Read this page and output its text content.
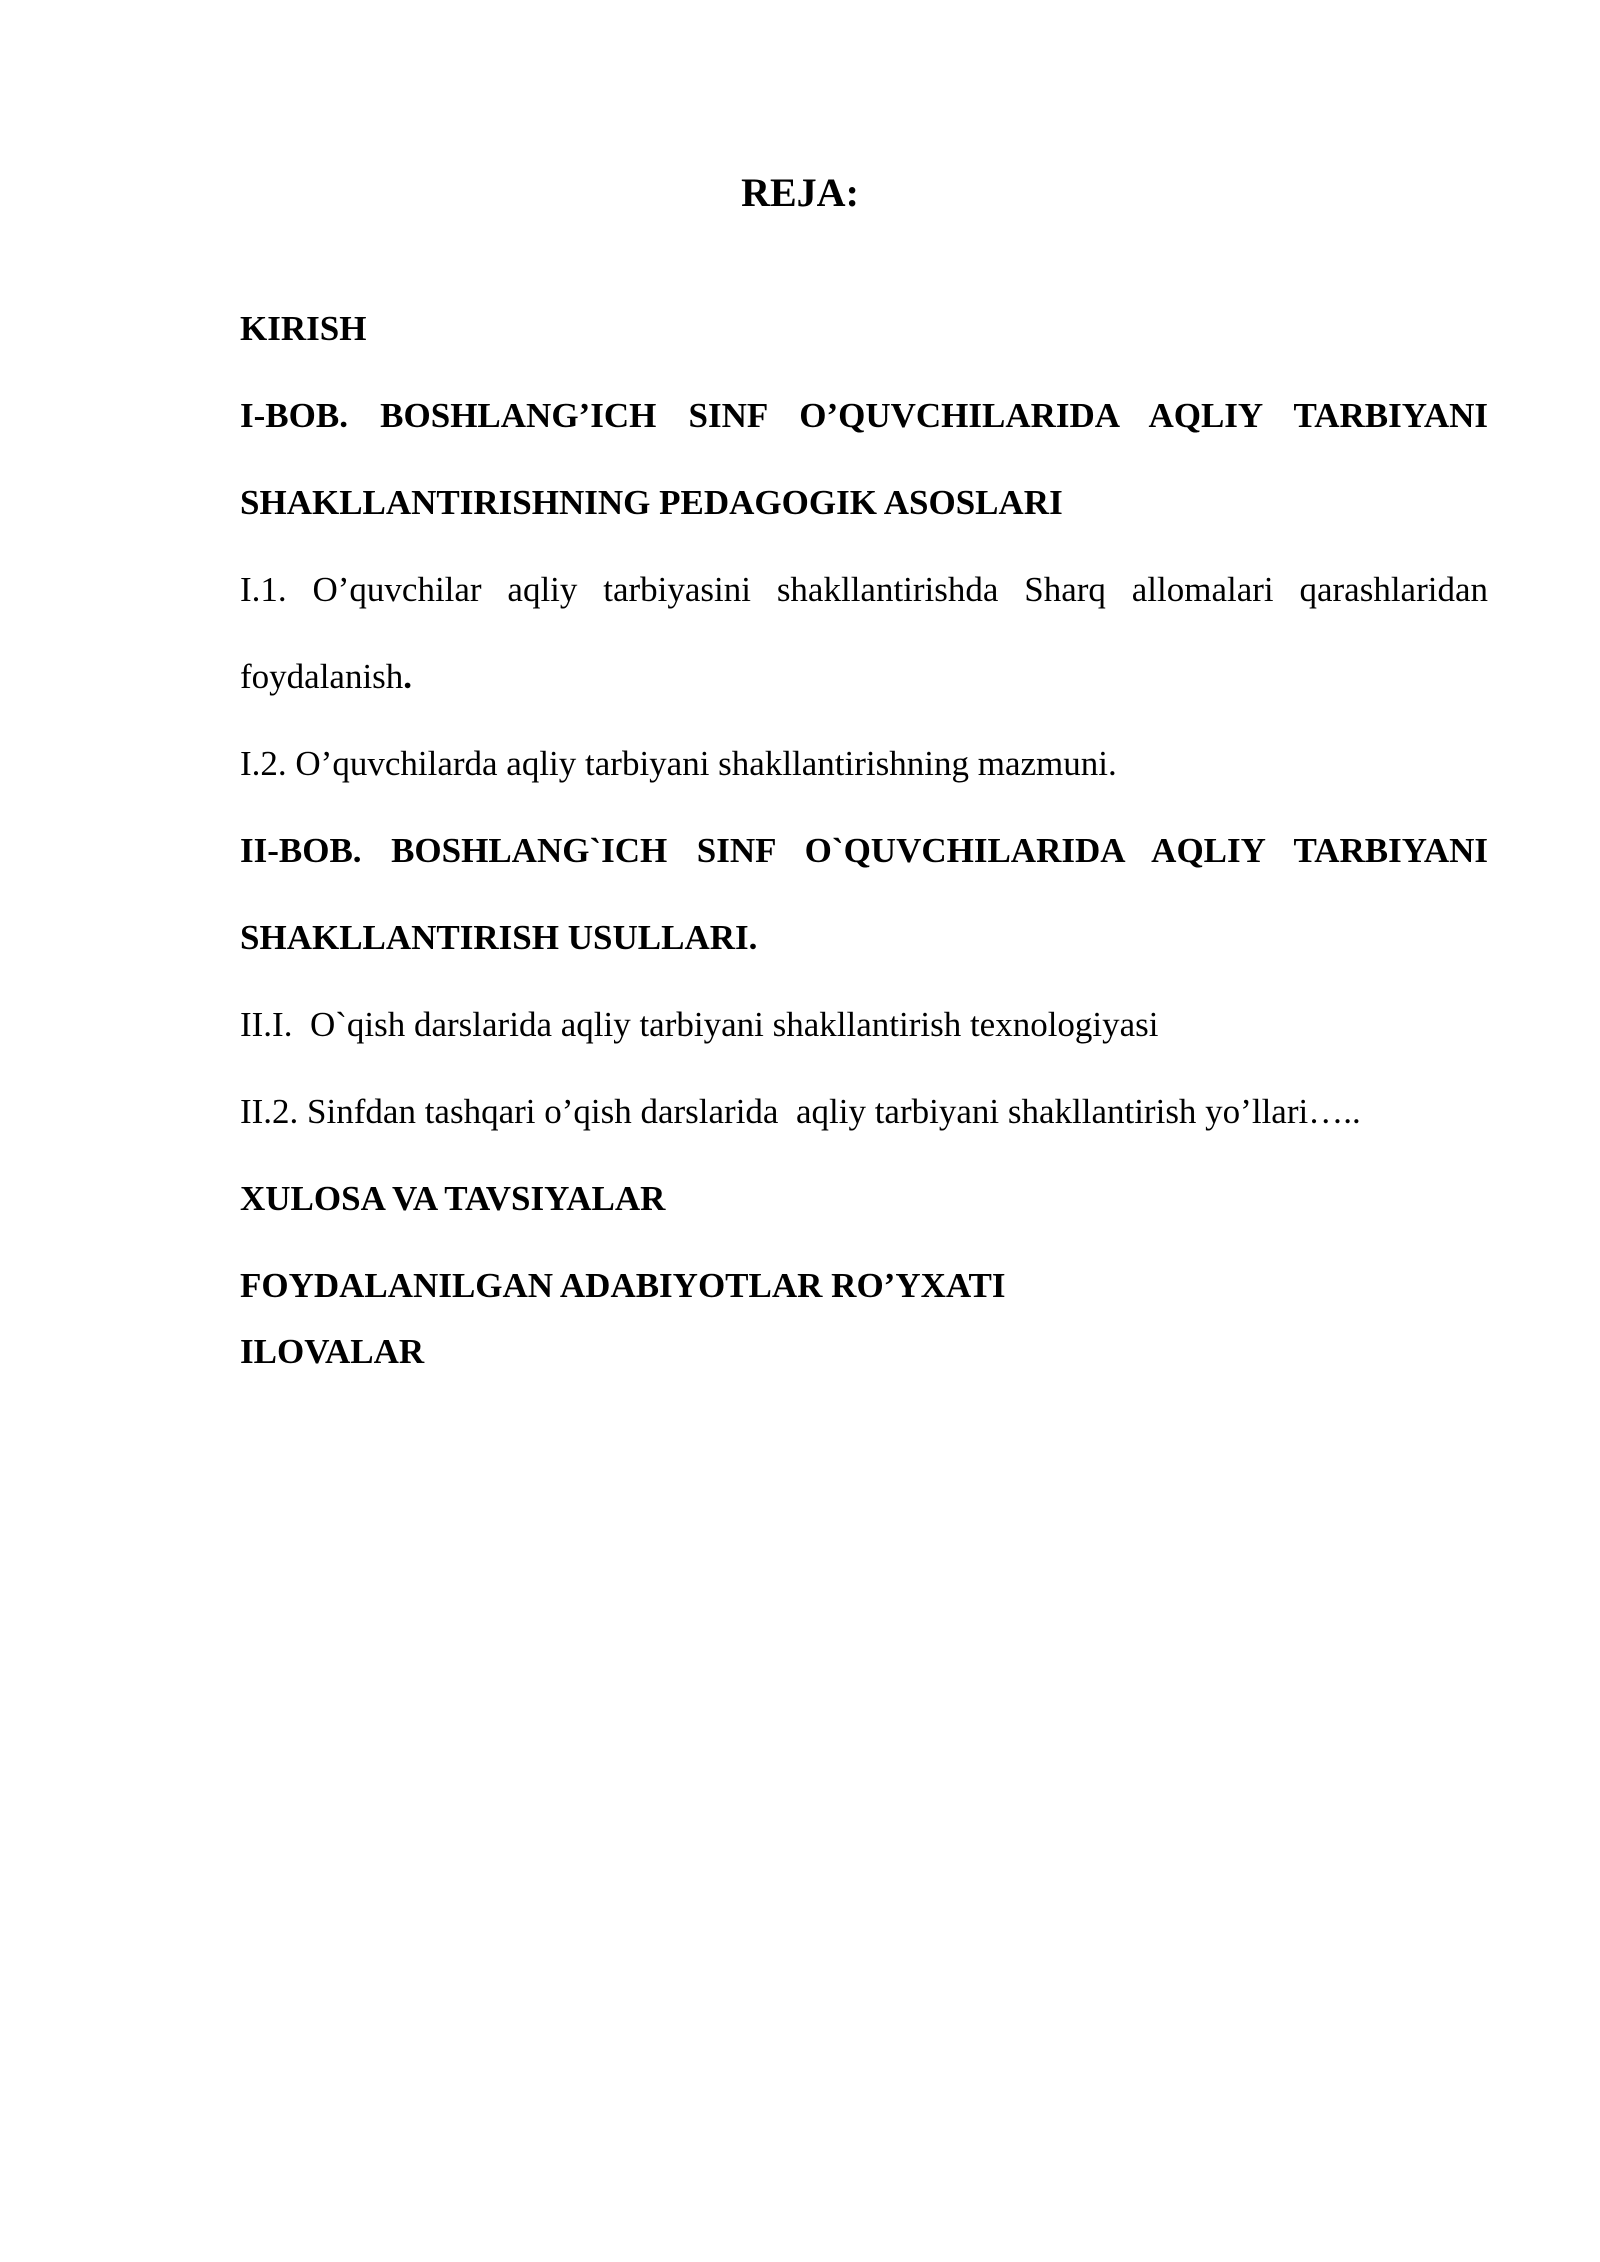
REJA:
KIRISH
I-BOB. BOSHLANG’ICH SINF O’QUVCHILARIDA AQLIY TARBIYANI
SHAKLLANTIRISHNING PEDAGOGIK ASOSLARI
I.1. O’quvchilar aqliy tarbiyasini shakllantirishda Sharq allomalari qarashlaridan
foydalanish.
I.2. O’quvchilarda aqliy tarbiyani shakllantirishning mazmuni.
II-BOB. BOSHLANG`ICH SINF O`QUVCHILARIDA AQLIY TARBIYANI
SHAKLLANTIRISH USULLARI.
II.I.  O`qish darslarida aqliy tarbiyani shakllantirish texnologiyasi
II.2. Sinfdan tashqari o’qish darslarida  aqliy tarbiyani shakllantirish yo’llari…..
XULOSA VA TAVSIYALAR
FOYDALANILGAN ADABIYOTLAR RO’YXATI
ILOVALAR
